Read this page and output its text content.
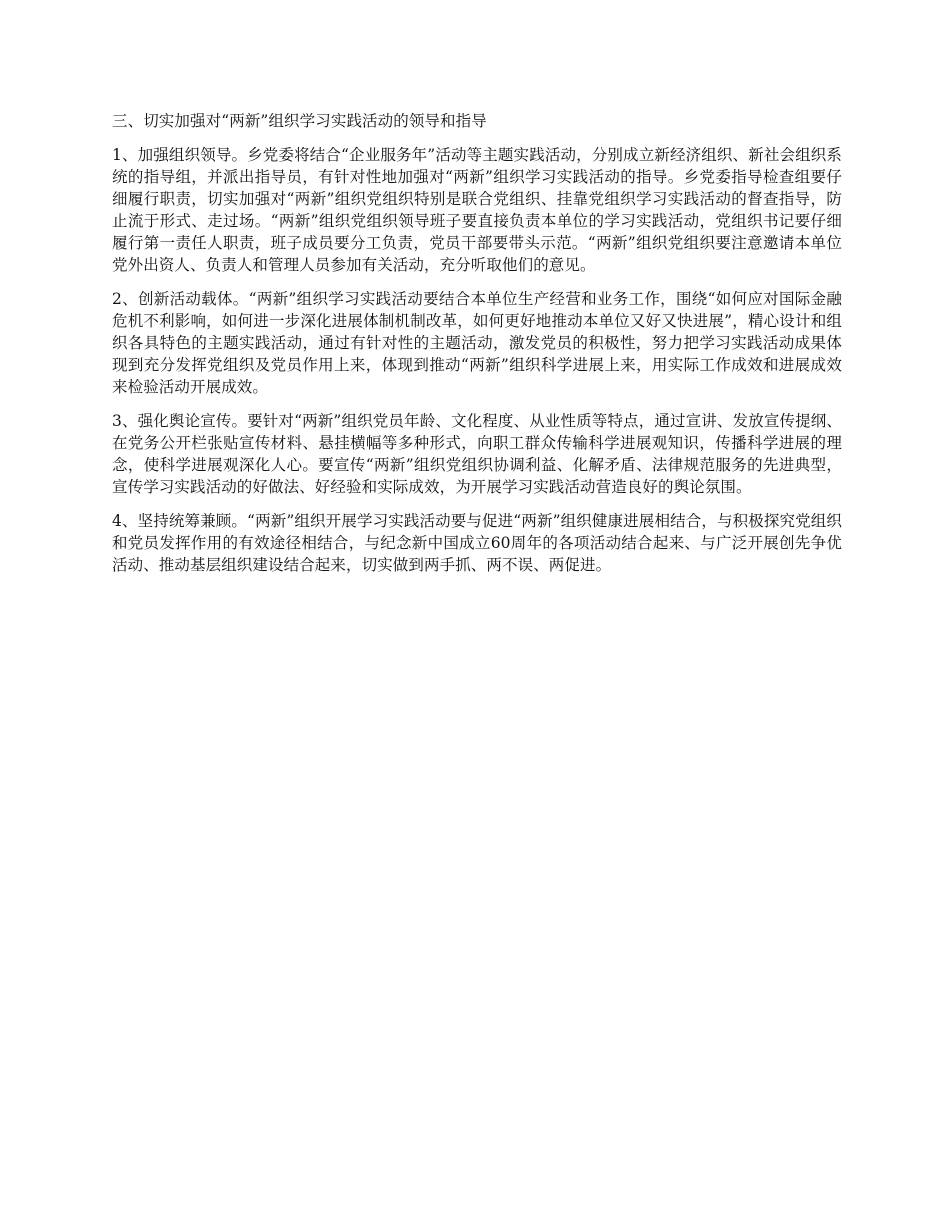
三、切实加强对“两新”组织学习实践活动的领导和指导

1、加强组织领导。乡党委将结合“企业服务年”活动等主题实践活动，分别成立新经济组织、新社会组织系统的指导组，并派出指导员，有针对性地加强对“两新”组织学习实践活动的指导。乡党委指导检查组要仔细履行职责，切实加强对“两新”组织党组织特别是联合党组织、挂靠党组织学习实践活动的督查指导，防止流于形式、走过场。“两新”组织党组织领导班子要直接负责本单位的学习实践活动，党组织书记要仔细履行第一责任人职责，班子成员要分工负责，党员干部要带头示范。“两新”组织党组织要注意邀请本单位党外出资人、负责人和管理人员参加有关活动，充分听取他们的意见。

2、创新活动载体。“两新”组织学习实践活动要结合本单位生产经营和业务工作，围绕“如何应对国际金融危机不利影响，如何进一步深化进展体制机制改革，如何更好地推动本单位又好又快进展”，精心设计和组织各具特色的主题实践活动，通过有针对性的主题活动，激发党员的积极性，努力把学习实践活动成果体现到充分发挥党组织及党员作用上来，体现到推动“两新”组织科学进展上来，用实际工作成效和进展成效来检验活动开展成效。

3、强化舆论宣传。要针对“两新”组织党员年龄、文化程度、从业性质等特点，通过宣讲、发放宣传提纲、在党务公开栏张贴宣传材料、悬挂横幅等多种形式，向职工群众传输科学进展观知识，传播科学进展的理念，使科学进展观深化人心。要宣传“两新”组织党组织协调利益、化解矛盾、法律规范服务的先进典型，宣传学习实践活动的好做法、好经验和实际成效，为开展学习实践活动营造良好的舆论氛围。

4、坚持统筹兼顾。“两新”组织开展学习实践活动要与促进“两新”组织健康进展相结合，与积极探究党组织和党员发挥作用的有效途径相结合，与纪念新中国成立60周年的各项活动结合起来、与广泛开展创先争优活动、推动基层组织建设结合起来，切实做到两手抓、两不误、两促进。
